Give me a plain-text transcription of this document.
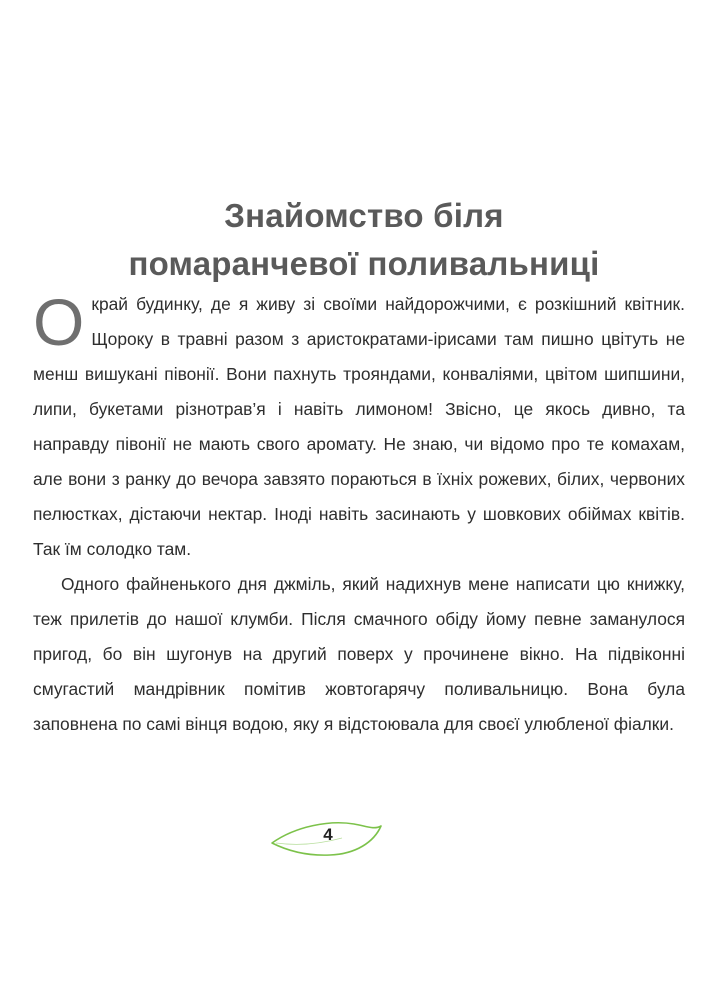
Знайомство біля
помаранчевої поливальниці

Окрай будинку, де я живу зі своїми найдорожчими, є розкішний квітник. Щороку в травні разом з аристократами-ірисами там пишно цвітуть не менш вишукані півонії. Вони пахнуть трояндами, конваліями, цвітом шипшини, липи, букетами різнотрав’я і навіть лимоном! Звісно, це якось дивно, та направду півонії не мають свого аромату. Не знаю, чи відомо про те комахам, але вони з ранку до вечора завзято пораються в їхніх рожевих, білих, червоних пелюстках, дістаючи нектар. Іноді навіть засинають у шовкових обіймах квітів. Так їм солодко там.

Одного файненького дня джміль, який надихнув мене написати цю книжку, теж прилетів до нашої клумби. Після смачного обіду йому певне заманулося пригод, бо він шугонув на другий поверх у прочинене вікно. На підвіконні смугастий мандрівник помітив жовтогарячу поливальницю. Вона була заповнена по самі вінця водою, яку я відстоювала для своєї улюбленої фіалки.

4
